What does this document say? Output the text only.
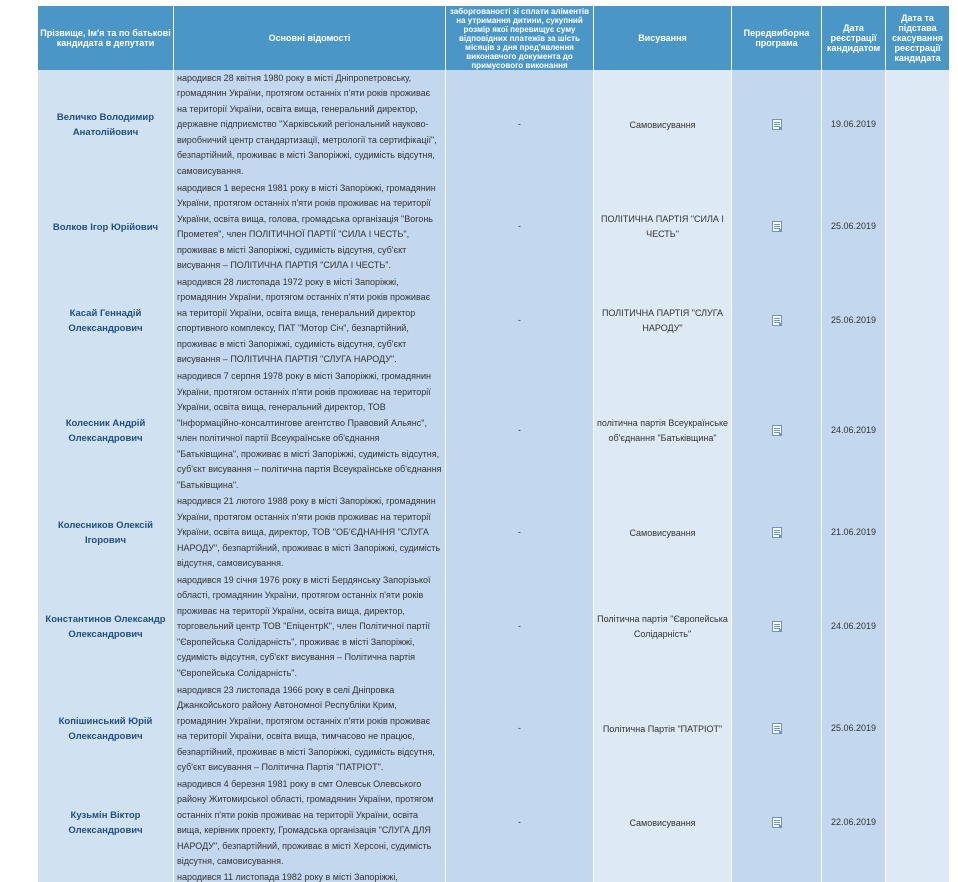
Прізвище, Ім'я та по батькові кандидата в депутати	Основні відомості	заборгованості зі сплати аліментів на утримання дитини, сукупний розмір якої перевищує суму відповідних платежів за шість місяців з дня пред'явлення виконавчого документа до примусового виконання	Висування	Передвиборна програма	Дата реєстрації кандидатом	Дата та підстава скасування реєстрації кандидата
Величко Володимир Анатолійович	народився 28 квітня 1980 року в місті Дніпропетровську, громадянин України, протягом останніх п'яти років проживає на території України, освіта вища, генеральний директор, державне підприємство "Харківський регіональний науково-виробничий центр стандартизації, метрології та сертифікації", безпартійний, проживає в місті Запоріжжі, судимість відсутня, самовисування.	-	Самовисування		19.06.2019	
Волков Ігор Юрійович	народився 1 вересня 1981 року в місті Запоріжжі, громадянин України, протягом останніх п'яти років проживає на території України, освіта вища, голова, громадська організація "Вогонь Прометея", член ПОЛІТИЧНОЇ ПАРТІЇ "СИЛА І ЧЕСТЬ", проживає в місті Запоріжжі, судимість відсутня, суб'єкт висування – ПОЛІТИЧНА ПАРТІЯ "СИЛА І ЧЕСТЬ".	-	ПОЛІТИЧНА ПАРТІЯ "СИЛА І ЧЕСТЬ"		25.06.2019	
Касай Геннадій Олександрович	народився 28 листопада 1972 року в місті Запоріжжі, громадянин України, протягом останніх п'яти років проживає на території України, освіта вища, генеральний директор спортивного комплексу, ПАТ "Мотор Січ", безпартійний, проживає в місті Запоріжжі, судимість відсутня, суб'єкт висування – ПОЛІТИЧНА ПАРТІЯ "СЛУГА НАРОДУ".	-	ПОЛІТИЧНА ПАРТІЯ "СЛУГА НАРОДУ"		25.06.2019	
Колесник Андрій Олександрович	народився 7 серпня 1978 року в місті Запоріжжі, громадянин України, протягом останніх п'яти років проживає на території України, освіта вища, генеральний директор, ТОВ "Інформаційно-консалтингове агентство Правовий Альянс", член політичної партії Всеукраїнське об'єднання "Батьківщина", проживає в місті Запоріжжі, судимість відсутня, суб'єкт висування – політична партія Всеукраїнське об'єднання "Батьківщина".	-	політична партія Всеукраїнське об'єднання "Батьківщина"		24.06.2019	
Колесников Олексій Ігорович	народився 21 лютого 1988 року в місті Запоріжжі, громадянин України, протягом останніх п'яти років проживає на території України, освіта вища, директор, ТОВ "ОБ'ЄДНАННЯ "СЛУГА НАРОДУ", безпартійний, проживає в місті Запоріжжі, судимість відсутня, самовисування.	-	Самовисування		21.06.2019	
Константинов Олександр Олександрович	народився 19 січня 1976 року в місті Бердянську Запорізької області, громадянин України, протягом останніх п'яти років проживає на території України, освіта вища, директор, торговельний центр ТОВ "ЕпіцентрК", член Політичної партії "Європейська Солідарність", проживає в місті Запоріжжі, судимість відсутня, суб'єкт висування – Політична партія "Європейська Солідарність".	-	Політична партія "Європейська Солідарність"		24.06.2019	
Копішинський Юрій Олександрович	народився 23 листопада 1966 року в селі Дніпровка Джанкойського району Автономної Республіки Крим, громадянин України, протягом останніх п'яти років проживає на території України, освіта вища, тимчасово не працює, безпартійний, проживає в місті Запоріжжі, судимість відсутня, суб'єкт висування – Політична Партія "ПАТРІОТ".	-	Політична Партія "ПАТРІОТ"		25.06.2019	
Кузьмін Віктор Олександрович	народився 4 березня 1981 року в смт Олевськ Олевського району Житомирської області, громадянин України, протягом останніх п'яти років проживає на території України, освіта вища, керівник проекту, Громадська організація "СЛУГА ДЛЯ НАРОДУ", безпартійний, проживає в місті Херсоні, судимість відсутня, самовисування.	-	Самовисування		22.06.2019	
	народився 11 листопада 1982 року в місті Запоріжжі,					
